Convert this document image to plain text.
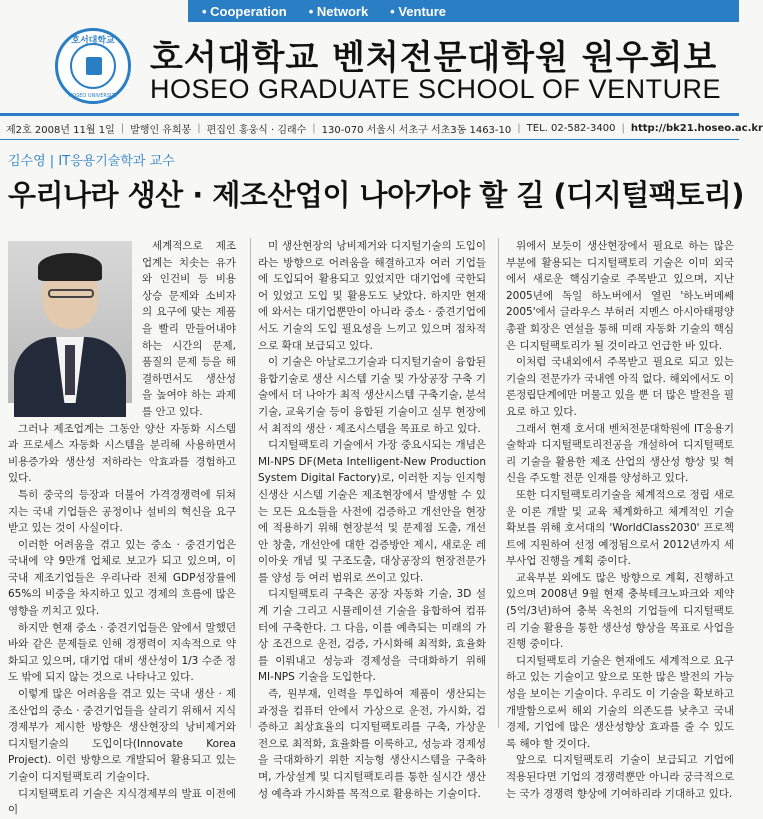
• Cooperation • Network • Venture
호서대학교
HOSEO UNIVERSITY
호서대학교 벤처전문대학원 원우회보
HOSEO GRADUATE SCHOOL OF VENTURE
제2호 2008년 11월 1일 | 발행인 유희봉 | 편집인 홍웅식 · 김래수 | 130-070 서울시 서초구 서초3동 1463-10 | TEL. 02-582-3400 | http://bk21.hoseo.ac.kr
김수영 | IT응용기술학과 교수
우리나라 생산 · 제조산업이 나아가야 할 길 (디지털팩토리)

세계적으로 제조 업계는 치솟는 유가와 인건비 등 비용 상승 문제와 소비자의 요구에 맞는 제품을 빨리 만들어내야 하는 시간의 문제, 품질의 문제 등을 해결하면서도 생산성을 높여야 하는 과제를 안고 있다.

그러나 제조업계는 그동안 양산 자동화 시스템과 프로세스 자동화 시스템을 분리해 사용하면서 비용증가와 생산성 저하라는 악효과를 경험하고 있다.

특히 중국의 등장과 더불어 가격경쟁력에 뒤쳐지는 국내 기업들은 공정이나 설비의 혁신을 요구받고 있는 것이 사실이다.

이러한 어려움을 겪고 있는 중소 · 중견기업은 국내에 약 9만개 업체로 보고가 되고 있으며, 이 국내 제조기업들은 우리나라 전체 GDP성장률에 65%의 비중을 차지하고 있고 경제의 흐름에 많은 영향을 끼치고 있다.

하지만 현재 중소 · 중견기업들은 앞에서 말했던 바와 같은 문제들로 인해 경쟁력이 지속적으로 약화되고 있으며, 대기업 대비 생산성이 1/3 수준 정도 밖에 되지 않는 것으로 나타나고 있다.

이렇게 많은 어려움을 겪고 있는 국내 생산 · 제조산업의 중소 · 중견기업들을 살리기 위해서 지식경제부가 제시한 방향은 생산현장의 낭비제거와 디지털기술의 도입이다(Innovate Korea Project). 이런 방향으로 개발되어 활용되고 있는 기술이 디지털팩토리 기술이다.

디지털팩토리 기술은 지식경제부의 발표 이전에 이

미 생산현장의 낭비제거와 디지털기술의 도입이라는 방향으로 어려움을 해결하고자 여러 기업들에 도입되어 활용되고 있었지만 대기업에 국한되어 있었고 도입 및 활용도도 낮았다. 하지만 현재에 와서는 대기업뿐만이 아니라 중소 · 중견기업에서도 기술의 도입 필요성을 느끼고 있으며 점차적으로 확대 보급되고 있다.

이 기술은 아날로그기술과 디지털기술이 융합된 융합기술로 생산 시스템 기술 및 가상공장 구축 기술에서 더 나아가 최적 생산시스템 구축기술, 분석기술, 교육기술 등이 융합된 기술이고 실무 현장에서 최적의 생산 · 제조시스템을 목표로 하고 있다.

디지털팩토리 기술에서 가장 중요시되는 개념은 MI-NPS DF(Meta Intelligent-New Production System Digital Factory)로, 이러한 지능 인지형 신생산 시스템 기술은 제조현장에서 발생할 수 있는 모든 요소들을 사전에 검증하고 개선안을 현장에 적용하기 위해 현장분석 및 문제점 도출, 개선안 창출, 개선안에 대한 검증방안 제시, 새로운 레이아웃 개념 및 구조도출, 대상공장의 현장전문가를 양성 등 여러 범위로 쓰이고 있다.

디지털팩토리 구축은 공장 자동화 기술, 3D 설계 기술 그리고 시뮬레이션 기술을 융합하여 컴퓨터에 구축한다. 그 다음, 이를 예측되는 미래의 가상 조건으로 운전, 검증, 가시화해 최적화, 효율화를 이뤄내고 성능과 경제성을 극대화하기 위해 MI-NPS 기술을 도입한다.

즉, 원부재, 인력을 투입하여 제품이 생산되는 과정을 컴퓨터 안에서 가상으로 운전, 가시화, 검증하고 최상효율의 디지털팩토리를 구축, 가상운전으로 최적화, 효율화를 이룩하고, 성능과 경제성을 극대화하기 위한 지능형 생산시스템을 구축하며, 가상설계 및 디지털팩토리를 통한 실시간 생산성 예측과 가시화를 목적으로 활용하는 기술이다.

위에서 보듯이 생산현장에서 필요로 하는 많은 부분에 활용되는 디지털팩토리 기술은 이미 외국에서 새로운 핵심기술로 주목받고 있으며, 지난 2005년에 독일 하노버에서 열린 '하노버메쎄 2005'에서 글라우스 부허러 지멘스 아시아태평양총괄 회장은 연설을 통해 미래 자동화 기술의 핵심은 디지털팩토리가 될 것이라고 언급한 바 있다.

이처럼 국내외에서 주목받고 필요로 되고 있는 기술의 전문가가 국내엔 아직 없다. 해외에서도 이론정립단계에만 머물고 있을 뿐 더 많은 발전을 필요로 하고 있다.

그래서 현재 호서대 벤처전문대학원에 IT응용기술학과 디지털팩토리전공을 개설하여 디지털팩토리 기술을 활용한 제조 산업의 생산성 향상 및 혁신을 주도할 전문 인재를 양성하고 있다.

또한 디지털팩토리기술을 체계적으로 정립 새로운 이론 개발 및 교육 체계화하고 체계적인 기술 확보를 위해 호서대의 'WorldClass2030' 프로젝트에 지원하여 선정 예정됨으로서 2012년까지 세부사업 진행을 계획 중이다.

교육부분 외에도 많은 방향으로 계획, 진행하고 있으며 2008년 9월 현재 충북테크노파크와 제약(5억/3년)하여 충북 옥천의 기업들에 디지털팩토리 기술 활용을 통한 생산성 향상을 목표로 사업을 진행 중이다.

디지털팩토리 기술은 현재에도 세계적으로 요구하고 있는 기술이고 앞으로 또한 많은 발전의 가능성을 보이는 기술이다. 우리도 이 기술을 확보하고 개발함으로써 해외 기술의 의존도를 낮추고 국내 경제, 기업에 많은 생산성향상 효과를 줄 수 있도록 해야 할 것이다.

앞으로 디지털팩토리 기술이 보급되고 기업에 적용된다면 기업의 경쟁력뿐만 아니라 궁극적으로는 국가 경쟁력 향상에 기여하리라 기대하고 있다.
